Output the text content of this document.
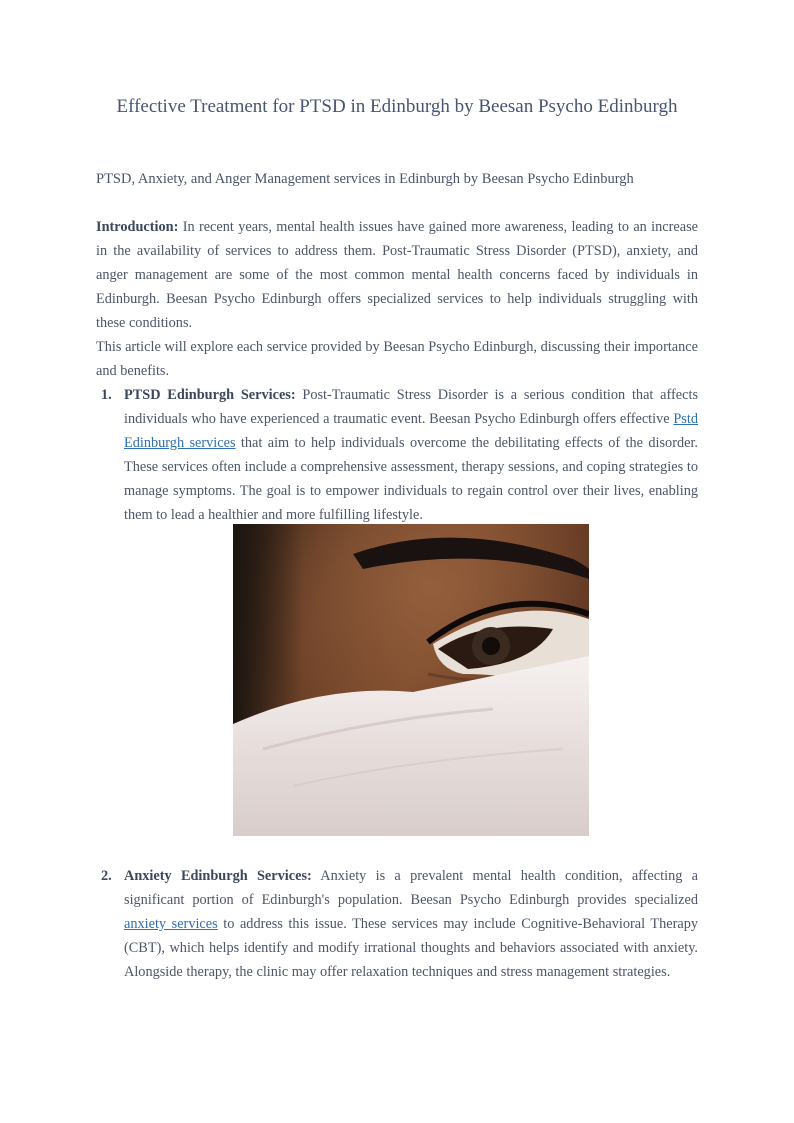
Effective Treatment for PTSD in Edinburgh by Beesan Psycho Edinburgh

PTSD, Anxiety, and Anger Management services in Edinburgh by Beesan Psycho Edinburgh

Introduction: In recent years, mental health issues have gained more awareness, leading to an increase in the availability of services to address them. Post-Traumatic Stress Disorder (PTSD), anxiety, and anger management are some of the most common mental health concerns faced by individuals in Edinburgh. Beesan Psycho Edinburgh offers specialized services to help individuals struggling with these conditions.

This article will explore each service provided by Beesan Psycho Edinburgh, discussing their importance and benefits.

1. PTSD Edinburgh Services: Post-Traumatic Stress Disorder is a serious condition that affects individuals who have experienced a traumatic event. Beesan Psycho Edinburgh offers effective Pstd Edinburgh services that aim to help individuals overcome the debilitating effects of the disorder. These services often include a comprehensive assessment, therapy sessions, and coping strategies to manage symptoms. The goal is to empower individuals to regain control over their lives, enabling them to lead a healthier and more fulfilling lifestyle.
2. Anxiety Edinburgh Services: Anxiety is a prevalent mental health condition, affecting a significant portion of Edinburgh's population. Beesan Psycho Edinburgh provides specialized anxiety services to address this issue. These services may include Cognitive-Behavioral Therapy (CBT), which helps identify and modify irrational thoughts and behaviors associated with anxiety. Alongside therapy, the clinic may offer relaxation techniques and stress management strategies.
